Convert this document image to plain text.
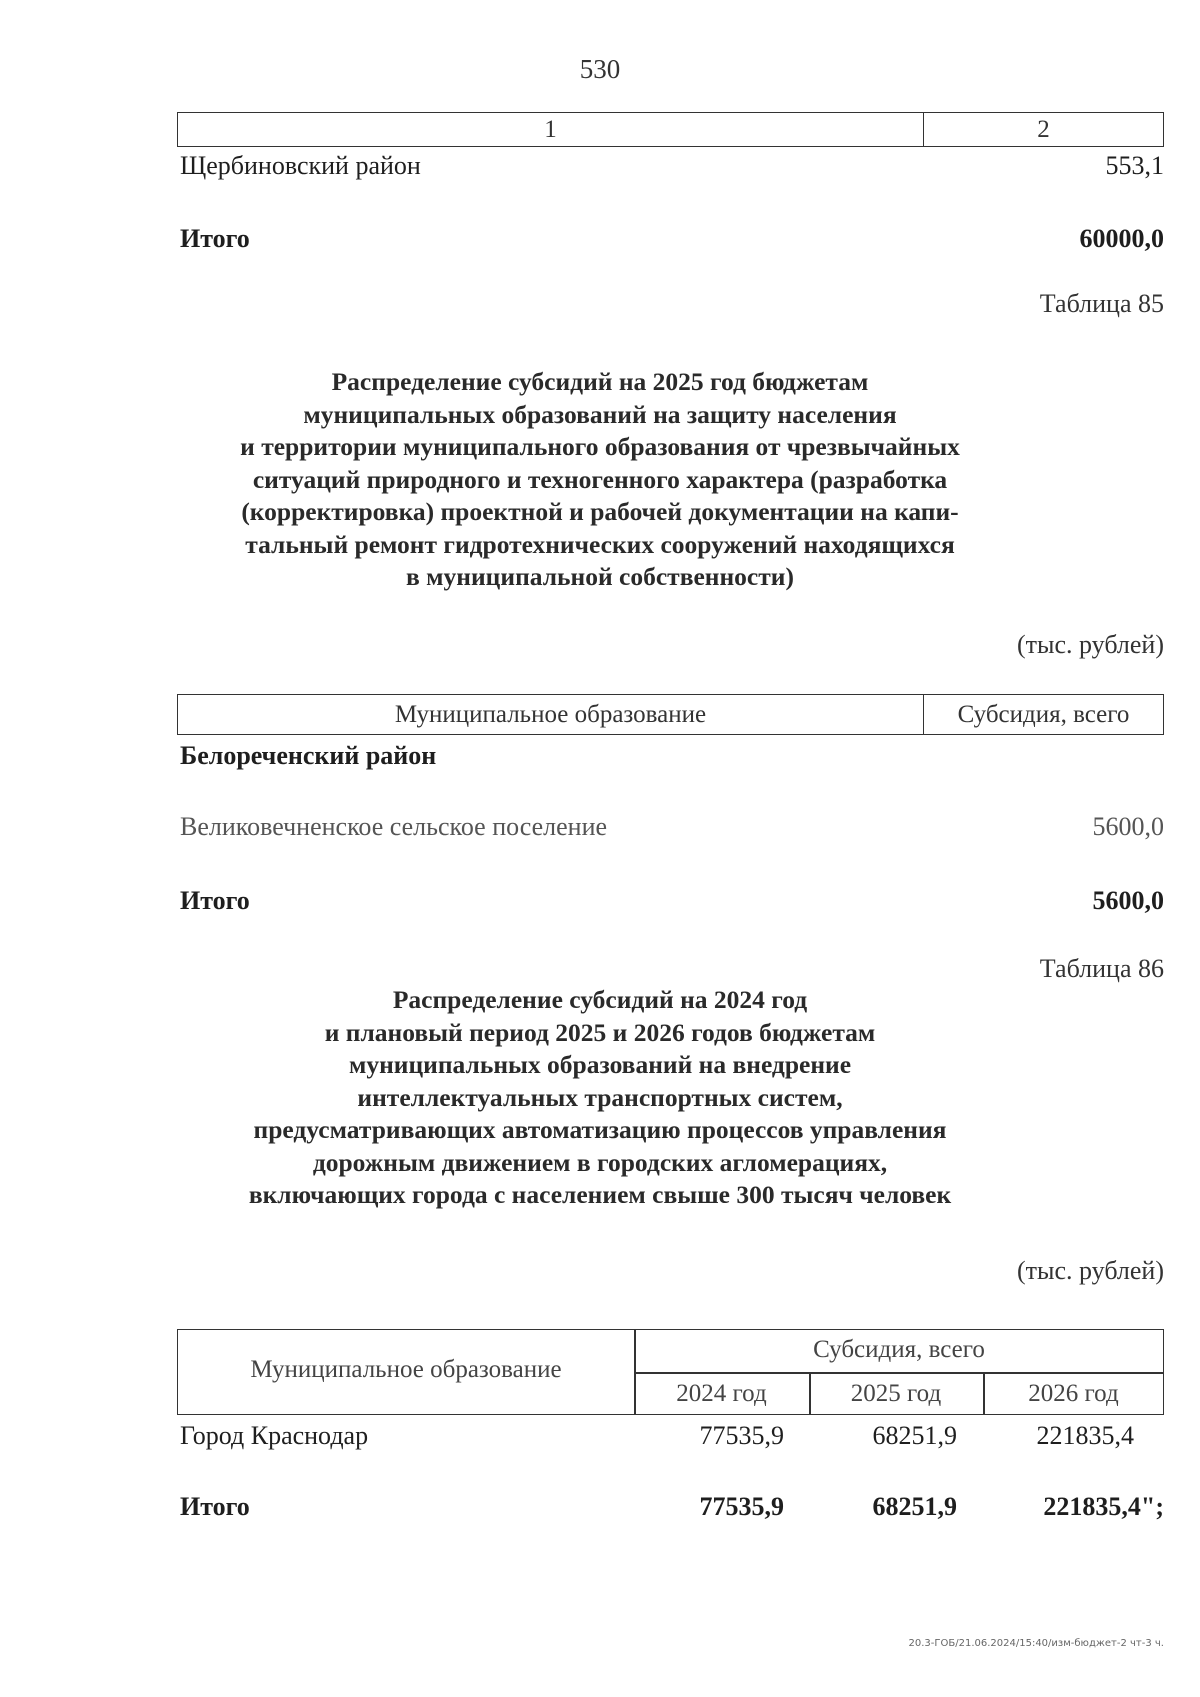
530
1	2
Щербиновский район	553,1
Итого	60000,0
Таблица 85
Распределение субсидий на 2025 год бюджетам
муниципальных образований на защиту населения
и территории муниципального образования от чрезвычайных
ситуаций природного и техногенного характера (разработка
(корректировка) проектной и рабочей документации на капи-
тальный ремонт гидротехнических сооружений находящихся
в муниципальной собственности)
(тыс. рублей)
Муниципальное образование	Субсидия, всего
Белореченский район
Великовечненское сельское поселение	5600,0
Итого	5600,0
Таблица 86
Распределение субсидий на 2024 год
и плановый период 2025 и 2026 годов бюджетам
муниципальных образований на внедрение
интеллектуальных транспортных систем,
предусматривающих автоматизацию процессов управления
дорожным движением в городских агломерациях,
включающих города с населением свыше 300 тысяч человек
(тыс. рублей)
Муниципальное образование
Субсидия, всего
2024 год	2025 год	2026 год
Город Краснодар	77535,9	68251,9	221835,4
Итого	77535,9	68251,9	221835,4";
20.3-ГОБ/21.06.2024/15:40/изм-бюджет-2 чт-3 ч.
